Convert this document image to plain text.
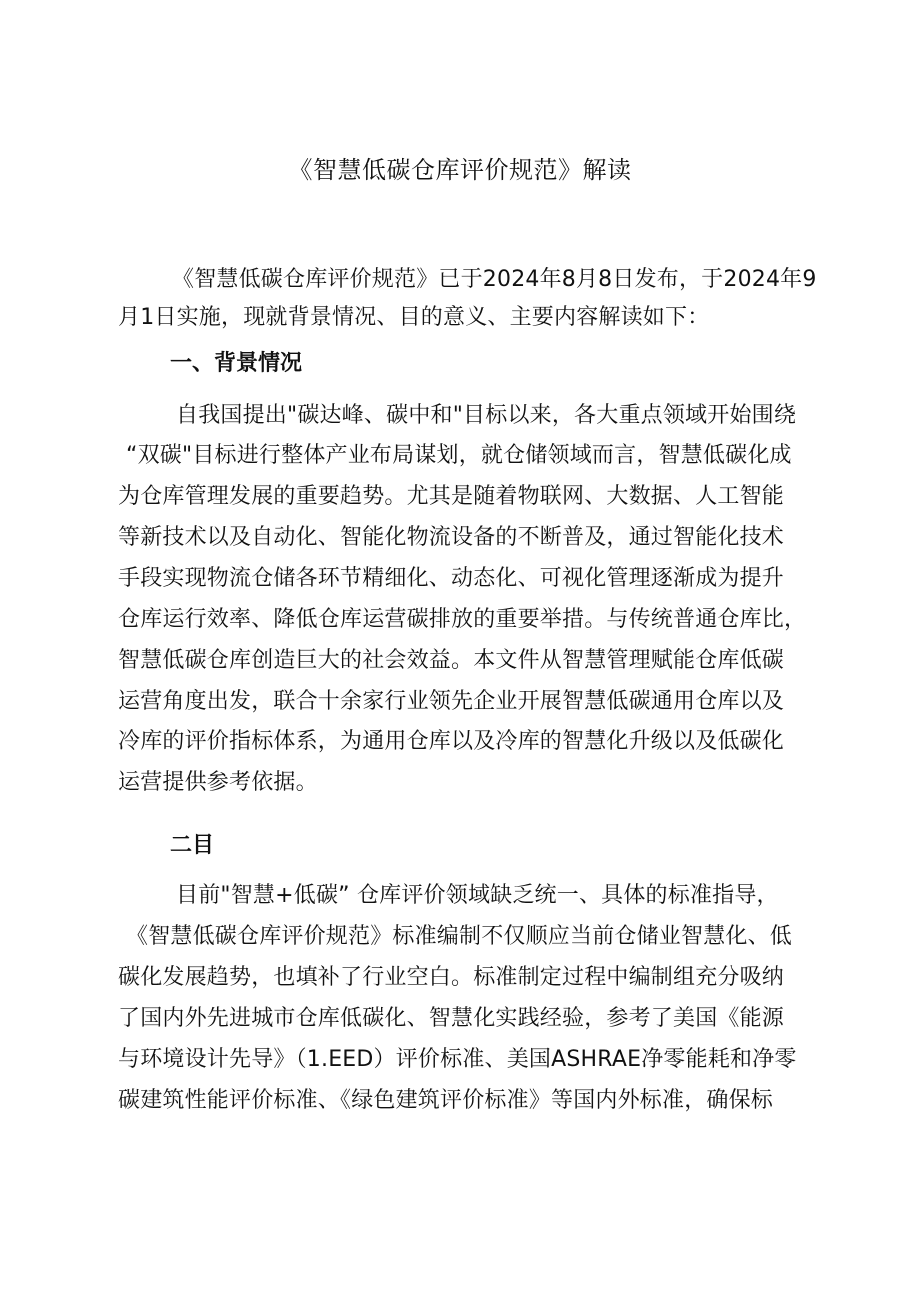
《智慧低碳仓库评价规范》解读
《智慧低碳仓库评价规范》已于2024年8月8日发布，于2024年9
月1日实施，现就背景情况、目的意义、主要内容解读如下：
一、背景情况
自我国提出"碳达峰、碳中和"目标以来，各大重点领域开始围绕
“双碳"目标进行整体产业布局谋划，就仓储领域而言，智慧低碳化成
为仓库管理发展的重要趋势。尤其是随着物联网、大数据、人工智能
等新技术以及自动化、智能化物流设备的不断普及，通过智能化技术
手段实现物流仓储各环节精细化、动态化、可视化管理逐渐成为提升
仓库运行效率、降低仓库运营碳排放的重要举措。与传统普通仓库比，
智慧低碳仓库创造巨大的社会效益。本文件从智慧管理赋能仓库低碳
运营角度出发，联合十余家行业领先企业开展智慧低碳通用仓库以及
冷库的评价指标体系，为通用仓库以及冷库的智慧化升级以及低碳化
运营提供参考依据。
二目
目前"智慧+低碳” 仓库评价领域缺乏统一、具体的标准指导，
《智慧低碳仓库评价规范》标准编制不仅顺应当前仓储业智慧化、低
碳化发展趋势，也填补了行业空白。标准制定过程中编制组充分吸纳
了国内外先进城市仓库低碳化、智慧化实践经验，参考了美国《能源
与环境设计先导》（1.EED）评价标准、美国ASHRAE净零能耗和净零
碳建筑性能评价标准、《绿色建筑评价标准》等国内外标准，确保标
